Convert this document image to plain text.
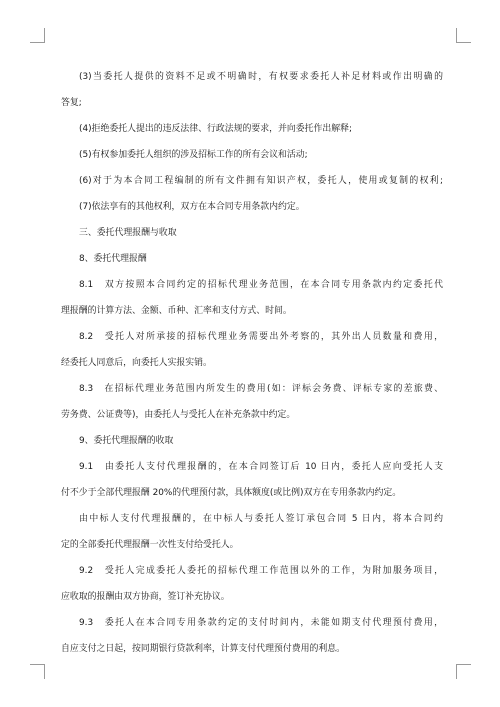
(3)当委托人提供的资料不足或不明确时，有权要求委托人补足材料或作出明确的

答复;

(4)拒绝委托人提出的违反法律、行政法规的要求，并向委托作出解释;

(5)有权参加委托人组织的涉及招标工作的所有会议和活动;

(6)对于为本合同工程编制的所有文件拥有知识产权，委托人，使用或复制的权利;

(7)依法享有的其他权利，双方在本合同专用条款内约定。

三、委托代理报酬与收取

8、委托代理报酬

8.1　双方按照本合同约定的招标代理业务范围，在本合同专用条款内约定委托代

理报酬的计算方法、金额、币种、汇率和支付方式、时间。

8.2　受托人对所承接的招标代理业务需要出外考察的，其外出人员数量和费用，

经委托人同意后，向委托人实报实销。

8.3　在招标代理业务范围内所发生的费用(如：评标会务费、评标专家的差旅费、

劳务费、公证费等)，由委托人与受托人在补充条款中约定。

9、委托代理报酬的收取

9.1　由委托人支付代理报酬的，在本合同签订后 10 日内，委托人应向受托人支

付不少于全部代理报酬 20%的代理预付款，具体额度(或比例)双方在专用条款内约定。

由中标人支付代理报酬的，在中标人与委托人签订承包合同 5 日内，将本合同约

定的全部委托代理报酬一次性支付给受托人。

9.2　受托人完成委托人委托的招标代理工作范围以外的工作，为附加服务项目，

应收取的报酬由双方协商，签订补充协议。

9.3　委托人在本合同专用条款约定的支付时间内，未能如期支付代理预付费用，

自应支付之日起，按同期银行贷款利率，计算支付代理预付费用的利息。
